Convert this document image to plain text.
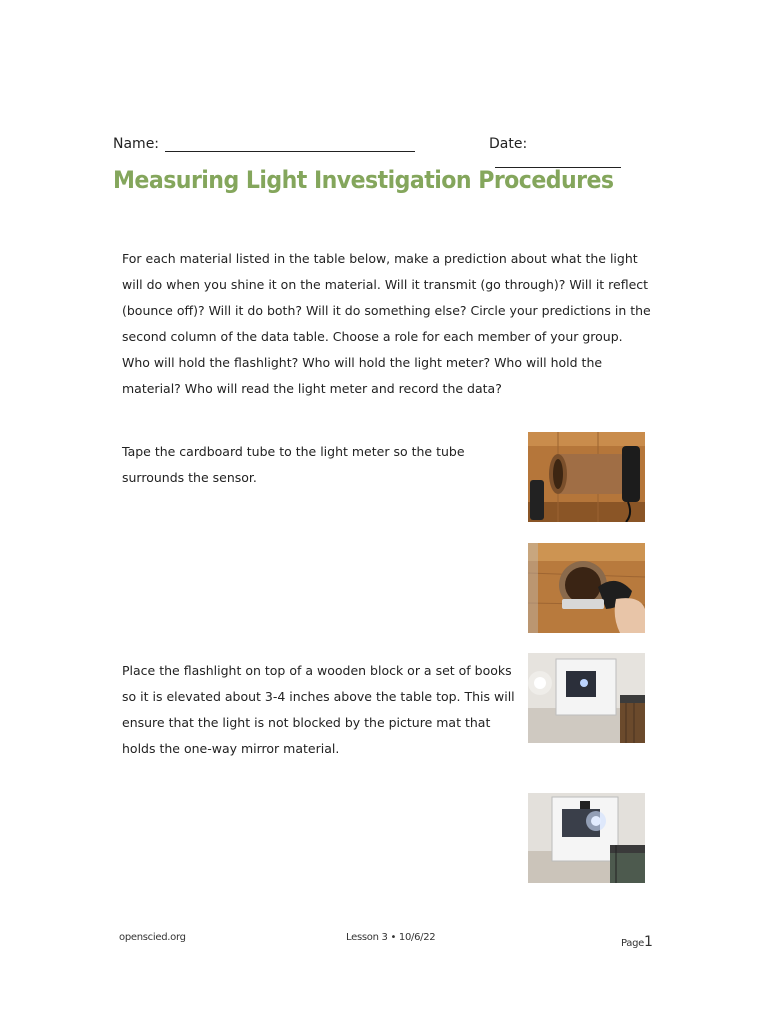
Name:	Date:
Measuring Light Investigation Procedures

For each material listed in the table below, make a prediction about what the light will do when you shine it on the material. Will it transmit (go through)? Will it reflect (bounce off)? Will it do both? Will it do something else? Circle your predictions in the second column of the data table. Choose a role for each member of your group. Who will hold the flashlight? Who will hold the light meter? Who will hold the material? Who will read the light meter and record the data?

Tape the cardboard tube to the light meter so the tube surrounds the sensor.

Place the flashlight on top of a wooden block or a set of books so it is elevated about 3-4 inches above the table top. This will ensure that the light is not blocked by the picture mat that holds the one-way mirror material.

openscied.org	Lesson 3 • 10/6/22
Page1
